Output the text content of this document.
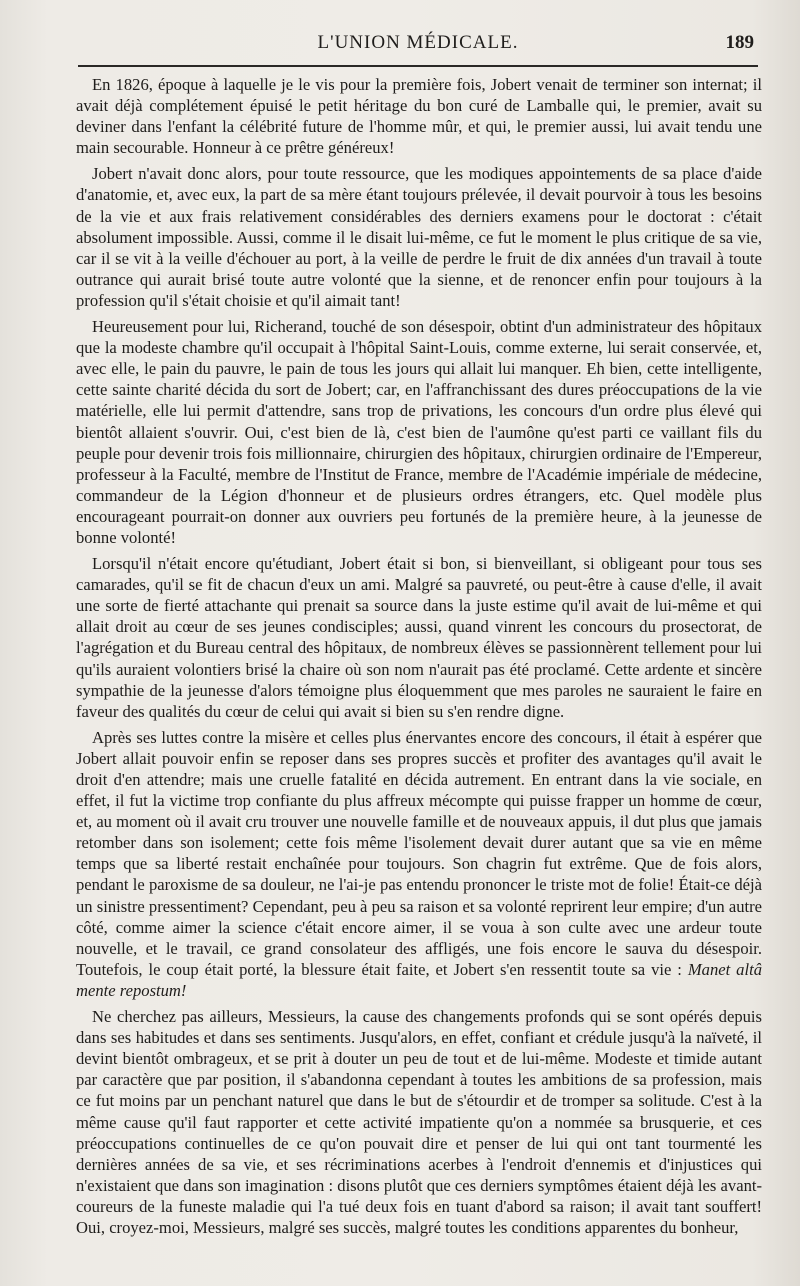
L'UNION MÉDICALE.	189

En 1826, époque à laquelle je le vis pour la première fois, Jobert venait de terminer son internat; il avait déjà complétement épuisé le petit héritage du bon curé de Lamballe qui, le premier, avait su deviner dans l'enfant la célébrité future de l'homme mûr, et qui, le premier aussi, lui avait tendu une main secourable. Honneur à ce prêtre généreux!

Jobert n'avait donc alors, pour toute ressource, que les modiques appointements de sa place d'aide d'anatomie, et, avec eux, la part de sa mère étant toujours prélevée, il devait pourvoir à tous les besoins de la vie et aux frais relativement considérables des derniers examens pour le doctorat : c'était absolument impossible. Aussi, comme il le disait lui-même, ce fut le moment le plus critique de sa vie, car il se vit à la veille d'échouer au port, à la veille de perdre le fruit de dix années d'un travail à toute outrance qui aurait brisé toute autre volonté que la sienne, et de renoncer enfin pour toujours à la profession qu'il s'était choisie et qu'il aimait tant!

Heureusement pour lui, Richerand, touché de son désespoir, obtint d'un administrateur des hôpitaux que la modeste chambre qu'il occupait à l'hôpital Saint-Louis, comme externe, lui serait conservée, et, avec elle, le pain du pauvre, le pain de tous les jours qui allait lui manquer. Eh bien, cette intelligente, cette sainte charité décida du sort de Jobert; car, en l'affranchissant des dures préoccupations de la vie matérielle, elle lui permit d'attendre, sans trop de privations, les concours d'un ordre plus élevé qui bientôt allaient s'ouvrir. Oui, c'est bien de là, c'est bien de l'aumône qu'est parti ce vaillant fils du peuple pour devenir trois fois millionnaire, chirurgien des hôpitaux, chirurgien ordinaire de l'Empereur, professeur à la Faculté, membre de l'Institut de France, membre de l'Académie impériale de médecine, commandeur de la Légion d'honneur et de plusieurs ordres étrangers, etc. Quel modèle plus encourageant pourrait-on donner aux ouvriers peu fortunés de la première heure, à la jeunesse de bonne volonté!

Lorsqu'il n'était encore qu'étudiant, Jobert était si bon, si bienveillant, si obligeant pour tous ses camarades, qu'il se fit de chacun d'eux un ami. Malgré sa pauvreté, ou peut-être à cause d'elle, il avait une sorte de fierté attachante qui prenait sa source dans la juste estime qu'il avait de lui-même et qui allait droit au cœur de ses jeunes condisciples; aussi, quand vinrent les concours du prosectorat, de l'agrégation et du Bureau central des hôpitaux, de nombreux élèves se passionnèrent tellement pour lui qu'ils auraient volontiers brisé la chaire où son nom n'aurait pas été proclamé. Cette ardente et sincère sympathie de la jeunesse d'alors témoigne plus éloquemment que mes paroles ne sauraient le faire en faveur des qualités du cœur de celui qui avait si bien su s'en rendre digne.

Après ses luttes contre la misère et celles plus énervantes encore des concours, il était à espérer que Jobert allait pouvoir enfin se reposer dans ses propres succès et profiter des avantages qu'il avait le droit d'en attendre; mais une cruelle fatalité en décida autrement. En entrant dans la vie sociale, en effet, il fut la victime trop confiante du plus affreux mécompte qui puisse frapper un homme de cœur, et, au moment où il avait cru trouver une nouvelle famille et de nouveaux appuis, il dut plus que jamais retomber dans son isolement; cette fois même l'isolement devait durer autant que sa vie en même temps que sa liberté restait enchaînée pour toujours. Son chagrin fut extrême. Que de fois alors, pendant le paroxisme de sa douleur, ne l'ai-je pas entendu prononcer le triste mot de folie! Était-ce déjà un sinistre pressentiment? Cependant, peu à peu sa raison et sa volonté reprirent leur empire; d'un autre côté, comme aimer la science c'était encore aimer, il se voua à son culte avec une ardeur toute nouvelle, et le travail, ce grand consolateur des affligés, une fois encore le sauva du désespoir. Toutefois, le coup était porté, la blessure était faite, et Jobert s'en ressentit toute sa vie : Manet altâ mente repostum!

Ne cherchez pas ailleurs, Messieurs, la cause des changements profonds qui se sont opérés depuis dans ses habitudes et dans ses sentiments. Jusqu'alors, en effet, confiant et crédule jusqu'à la naïveté, il devint bientôt ombrageux, et se prit à douter un peu de tout et de lui-même. Modeste et timide autant par caractère que par position, il s'abandonna cependant à toutes les ambitions de sa profession, mais ce fut moins par un penchant naturel que dans le but de s'étourdir et de tromper sa solitude. C'est à la même cause qu'il faut rapporter et cette activité impatiente qu'on a nommée sa brusquerie, et ces préoccupations continuelles de ce qu'on pouvait dire et penser de lui qui ont tant tourmenté les dernières années de sa vie, et ses récriminations acerbes à l'endroit d'ennemis et d'injustices qui n'existaient que dans son imagination : disons plutôt que ces derniers symptômes étaient déjà les avant-coureurs de la funeste maladie qui l'a tué deux fois en tuant d'abord sa raison; il avait tant souffert! Oui, croyez-moi, Messieurs, malgré ses succès, malgré toutes les conditions apparentes du bonheur,
